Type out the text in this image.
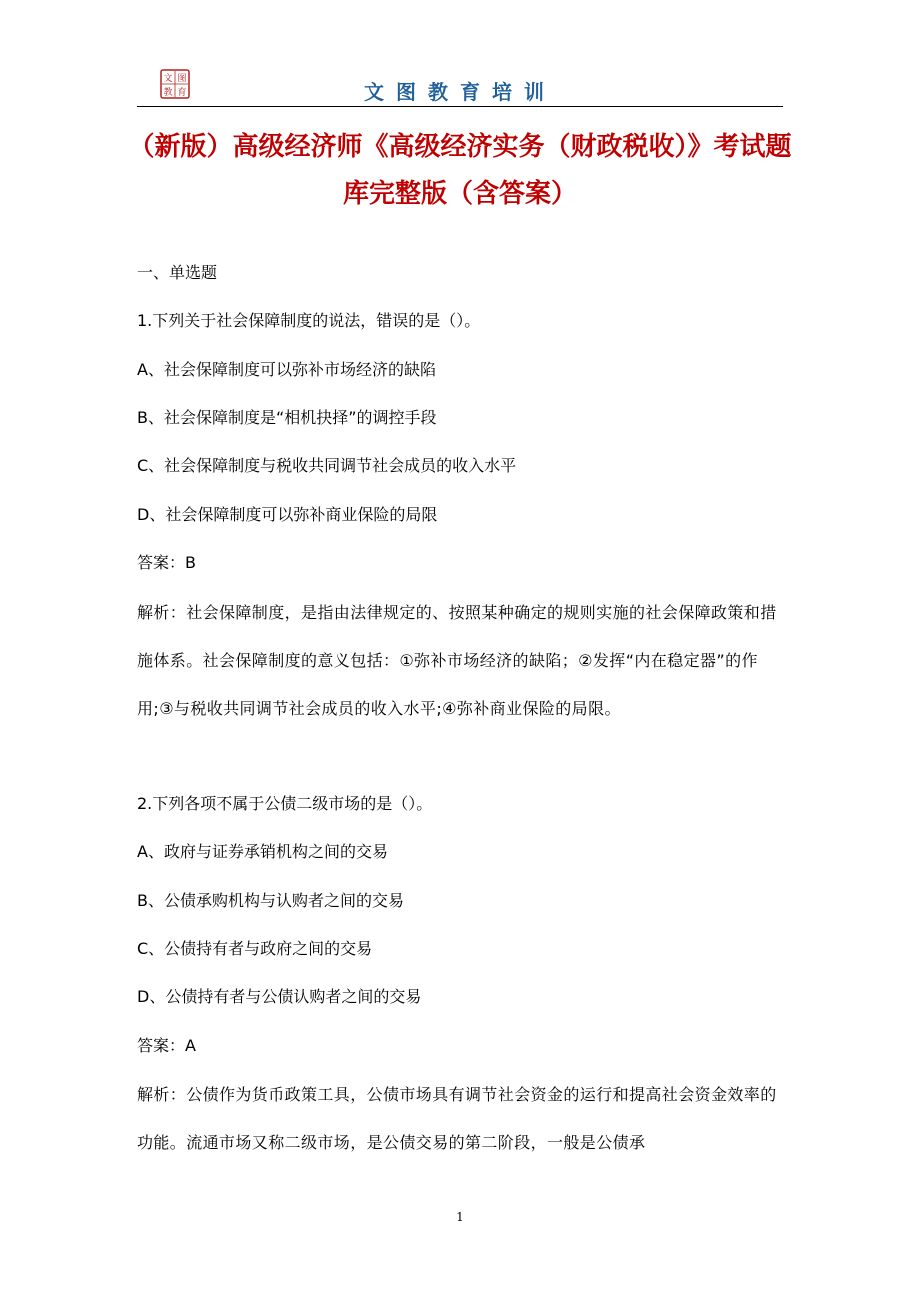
文 图
教 育	文图教育培训
（新版）高级经济师《高级经济实务（财政税收）》考试题库完整版（含答案）
一、单选题
1.下列关于社会保障制度的说法，错误的是（）。
A、社会保障制度可以弥补市场经济的缺陷
B、社会保障制度是“相机抉择”的调控手段
C、社会保障制度与税收共同调节社会成员的收入水平
D、社会保障制度可以弥补商业保险的局限
答案：B
解析：社会保障制度，是指由法律规定的、按照某种确定的规则实施的社会保障政策和措施体系。社会保障制度的意义包括：①弥补市场经济的缺陷；②发挥“内在稳定器”的作用;③与税收共同调节社会成员的收入水平;④弥补商业保险的局限。
2.下列各项不属于公债二级市场的是（）。
A、政府与证券承销机构之间的交易
B、公债承购机构与认购者之间的交易
C、公债持有者与政府之间的交易
D、公债持有者与公债认购者之间的交易
答案：A
解析：公债作为货币政策工具，公债市场具有调节社会资金的运行和提高社会资金效率的功能。流通市场又称二级市场，是公债交易的第二阶段，一般是公债承
1
